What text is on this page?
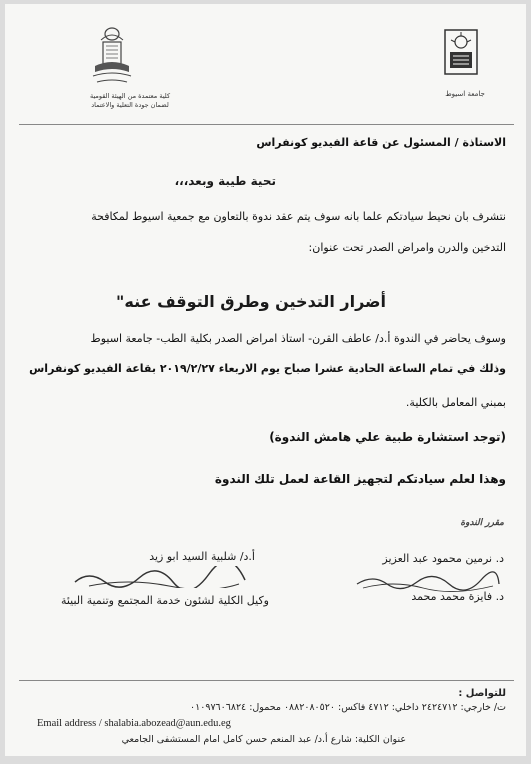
كلية معتمدة من الهيئة القومية
لضمان جودة التعلية والاعتماد
جامعة اسيوط
الاستاذة / المسئول عن قاعة الفيديو كونفراس
تحية طيبة وبعد،،،
نتشرف بان نحيط سيادتكم علما بانه سوف يتم عقد ندوة بالتعاون مع جمعية اسيوط لمكافحة
التدخين والدرن وامراض الصدر تحت عنوان:
أضرار التدخين وطرق التوقف عنه"
وسوف يحاضر في الندوة أ.د/ عاطف القرن- استاذ امراض الصدر بكلية الطب- جامعة اسيوط
وذلك في تمام الساعة الحادية عشرا صباح يوم الاربعاء ٢٠١٩/٢/٢٧ بقاعة الفيديو كونفراس
بمبني المعامل بالكلية.
(توجد استشارة طبية علي هامش الندوة)
وهذا لعلم سيادتكم لتجهيز القاعة لعمل تلك الندوة
مقرر الندوة
د. نرمين محمود عبد العزيز
د. فايزة محمد محمد
أ.د/ شلبية السيد ابو زيد
وكيل الكلية لشئون خدمة المجتمع وتنمية البيئة
للتواصل :
ت/ خارجي: ٢٤٢٤٧١٢ داخلي: ٤٧١٢ فاكس: ٠٨٨٢٠٨٠٥٢٠ محمول: ٠١٠٩٧٦٠٦٨٢٤
Email address / shalabia.abozead@aun.edu.eg
عنوان الكلية: شارع أ.د/ عبد المنعم حسن كامل امام المستشفى الجامعي
